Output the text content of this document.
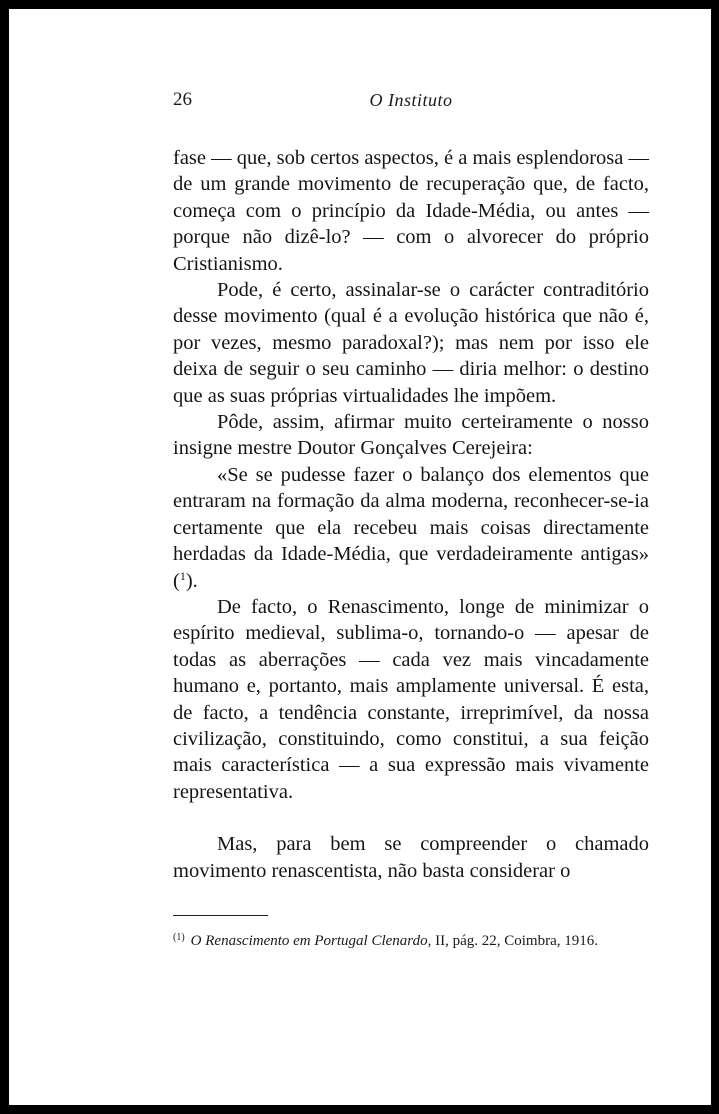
26	O Instituto

fase — que, sob certos aspectos, é a mais esplendorosa — de um grande movimento de recuperação que, de facto, começa com o princípio da Idade-Média, ou antes — porque não dizê-lo? — com o alvorecer do próprio Cristianismo.

Pode, é certo, assinalar-se o carácter contraditório desse movimento (qual é a evolução histórica que não é, por vezes, mesmo paradoxal?); mas nem por isso ele deixa de seguir o seu caminho — diria melhor: o destino que as suas próprias virtualidades lhe impõem.

Pôde, assim, afirmar muito certeiramente o nosso insigne mestre Doutor Gonçalves Cerejeira:

«Se se pudesse fazer o balanço dos elementos que entraram na formação da alma moderna, reconhecer-se-ia certamente que ela recebeu mais coisas directamente herdadas da Idade-Média, que verdadeiramente antigas» ($^1$).

De facto, o Renascimento, longe de minimizar o espírito medieval, sublima-o, tornando-o — apesar de todas as aberrações — cada vez mais vincadamente humano e, portanto, mais amplamente universal. É esta, de facto, a tendência constante, irreprimível, da nossa civilização, constituindo, como constitui, a sua feição mais característica — a sua expressão mais vivamente representativa.

Mas, para bem se compreender o chamado movimento renascentista, não basta considerar o

$^{(1)}$ O Renascimento em Portugal Clenardo, II, pág. 22, Coimbra, 1916.
